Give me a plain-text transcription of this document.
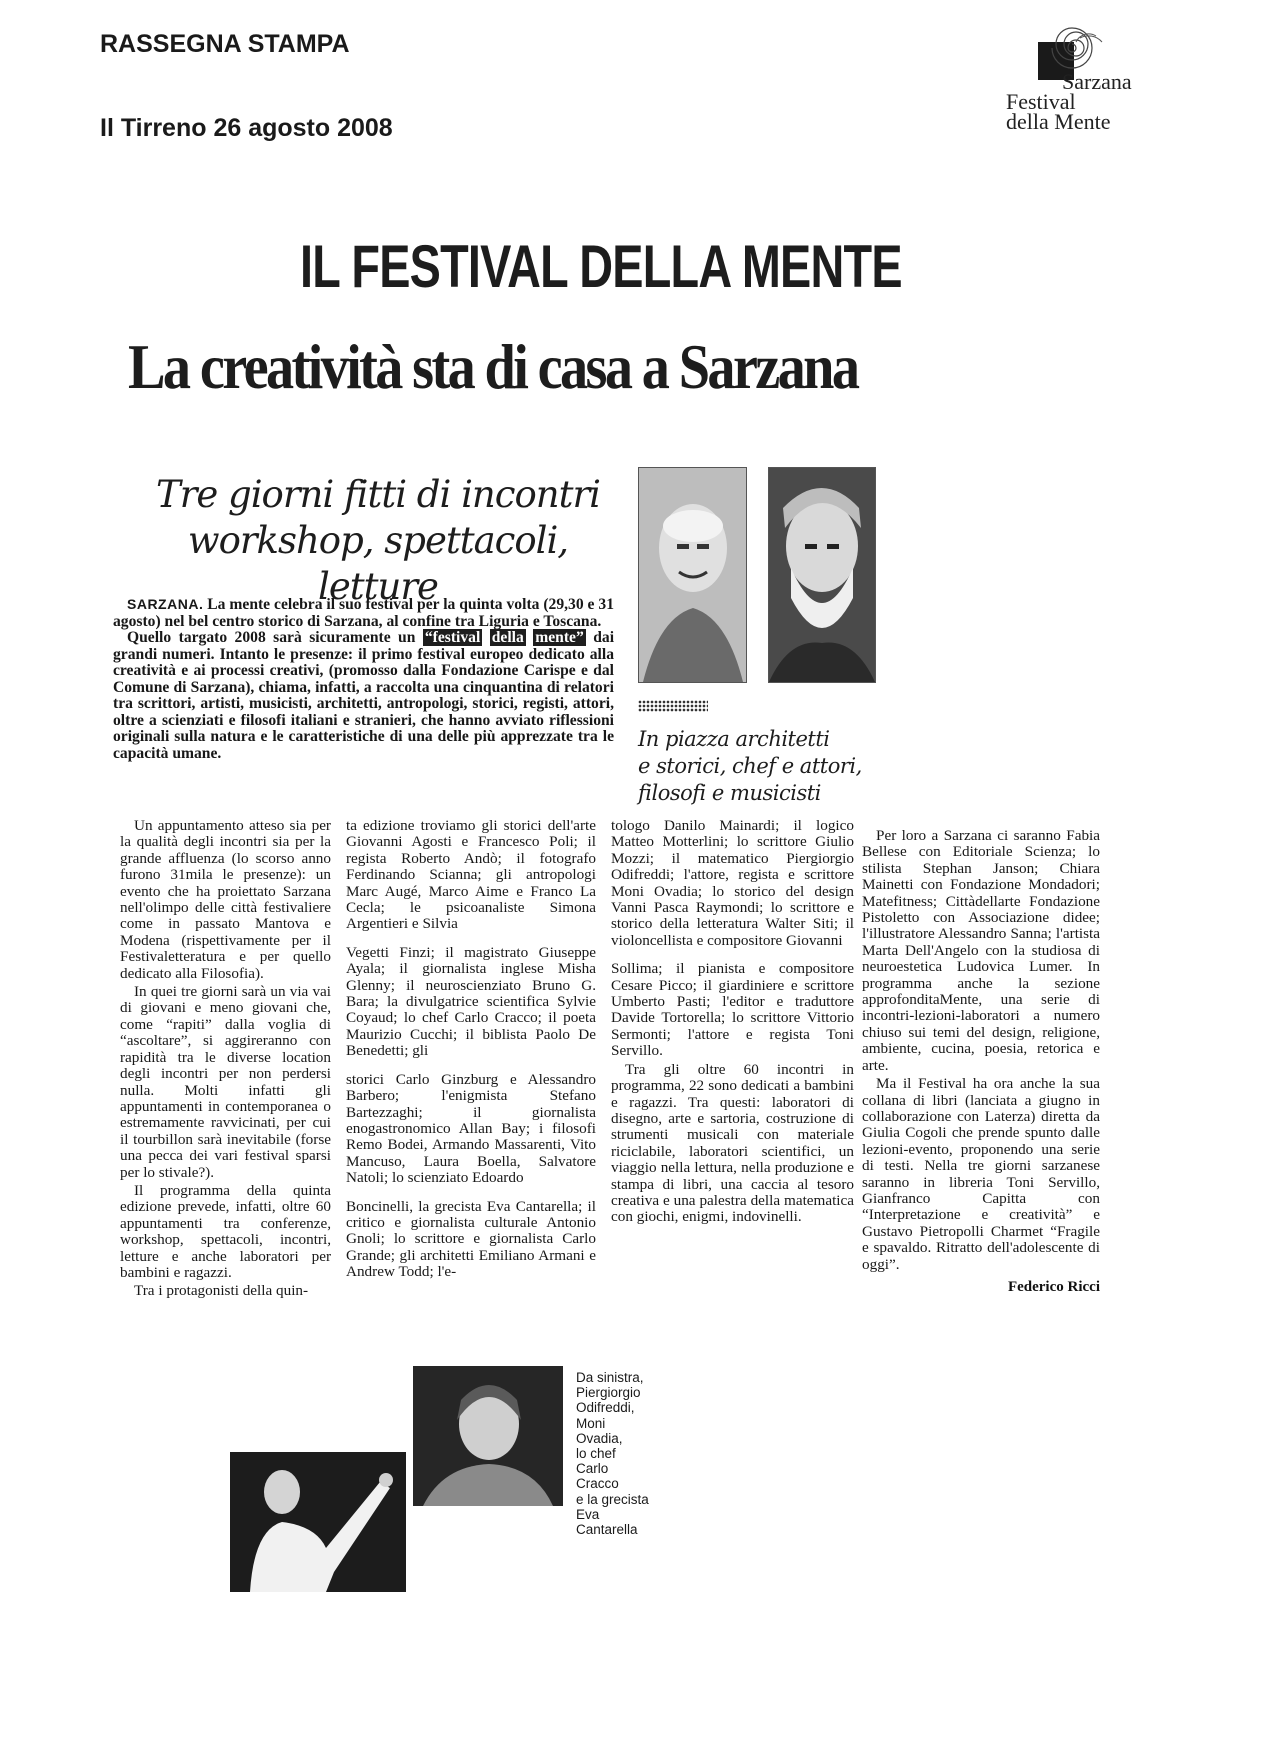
RASSEGNA STAMPA
Il Tirreno 26 agosto 2008
Sarzana
Festival
della Mente
IL FESTIVAL DELLA MENTE
La creatività sta di casa a Sarzana
Tre giorni fitti di incontri
workshop, spettacoli, letture
In piazza architetti
e storici, chef e attori,
filosofi e musicisti

SARZANA. La mente celebra il suo festival per la quinta volta (29,30 e 31 agosto) nel bel centro storico di Sarzana, al confine tra Liguria e Toscana.

Quello targato 2008 sarà sicuramente un “festival della mente” dai grandi numeri. Intanto le presenze: il primo festival europeo dedicato alla creatività e ai processi creativi, (promosso dalla Fondazione Carispe e dal Comune di Sarzana), chiama, infatti, a raccolta una cinquantina di relatori tra scrittori, artisti, musicisti, architetti, antropologi, storici, registi, attori, oltre a scienziati e filosofi italiani e stranieri, che hanno avviato riflessioni originali sulla natura e le caratteristiche di una delle più apprezzate tra le capacità umane.

Un appuntamento atteso sia per la qualità degli incontri sia per la grande affluenza (lo scorso anno furono 31mila le presenze): un evento che ha proiettato Sarzana nell'olimpo delle città festivaliere come in passato Mantova e Modena (rispettivamente per il Festivaletteratura e per quello dedicato alla Filosofia).

In quei tre giorni sarà un via vai di giovani e meno giovani che, come “rapiti” dalla voglia di “ascoltare”, si aggireranno con rapidità tra le diverse location degli incontri per non perdersi nulla. Molti infatti gli appuntamenti in contemporanea o estremamente ravvicinati, per cui il tourbillon sarà inevitabile (forse una pecca dei vari festival sparsi per lo stivale?).

Il programma della quinta edizione prevede, infatti, oltre 60 appuntamenti tra conferenze, workshop, spettacoli, incontri, letture e anche laboratori per bambini e ragazzi.

Tra i protagonisti della quin-

ta edizione troviamo gli storici dell'arte Giovanni Agosti e Francesco Poli; il regista Roberto Andò; il fotografo Ferdinando Scianna; gli antropologi Marc Augé, Marco Aime e Franco La Cecla; le psicoanaliste Simona Argentieri e Silvia

Vegetti Finzi; il magistrato Giuseppe Ayala; il giornalista inglese Misha Glenny; il neuroscienziato Bruno G. Bara; la divulgatrice scientifica Sylvie Coyaud; lo chef Carlo Cracco; il poeta Maurizio Cucchi; il biblista Paolo De Benedetti; gli

storici Carlo Ginzburg e Alessandro Barbero; l'enigmista Stefano Bartezzaghi; il giornalista enogastronomico Allan Bay; i filosofi Remo Bodei, Armando Massarenti, Vito Mancuso, Laura Boella, Salvatore Natoli; lo scienziato Edoardo

Boncinelli, la grecista Eva Cantarella; il critico e giornalista culturale Antonio Gnoli; lo scrittore e giornalista Carlo Grande; gli architetti Emiliano Armani e Andrew Todd; l'e-

tologo Danilo Mainardi; il logico Matteo Motterlini; lo scrittore Giulio Mozzi; il matematico Piergiorgio Odifreddi; l'attore, regista e scrittore Moni Ovadia; lo storico del design Vanni Pasca Raymondi; lo scrittore e storico della letteratura Walter Siti; il violoncellista e compositore Giovanni

Sollima; il pianista e compositore Cesare Picco; il giardiniere e scrittore Umberto Pasti; l'editor e traduttore Davide Tortorella; lo scrittore Vittorio Sermonti; l'attore e regista Toni Servillo.

Tra gli oltre 60 incontri in programma, 22 sono dedicati a bambini e ragazzi. Tra questi: laboratori di disegno, arte e sartoria, costruzione di strumenti musicali con materiale riciclabile, laboratori scientifici, un viaggio nella lettura, nella produzione e stampa di libri, una caccia al tesoro creativa e una palestra della matematica con giochi, enigmi, indovinelli.

Per loro a Sarzana ci saranno Fabia Bellese con Editoriale Scienza; lo stilista Stephan Janson; Chiara Mainetti con Fondazione Mondadori; Matefitness; Cittàdellarte Fondazione Pistoletto con Associazione didee; l'illustratore Alessandro Sanna; l'artista Marta Dell'Angelo con la studiosa di neuroestetica Ludovica Lumer. In programma anche la sezione approfonditaMente, una serie di incontri-lezioni-laboratori a numero chiuso sui temi del design, religione, ambiente, cucina, poesia, retorica e arte.

Ma il Festival ha ora anche la sua collana di libri (lanciata a giugno in collaborazione con Laterza) diretta da Giulia Cogoli che prende spunto dalle lezioni-evento, proponendo una serie di testi. Nella tre giorni sarzanese saranno in libreria Toni Servillo, Gianfranco Capitta con “Interpretazione e creatività” e Gustavo Pietropolli Charmet “Fragile e spavaldo. Ritratto dell'adolescente di oggi”.

Federico Ricci
Da sinistra,
Piergiorgio
Odifreddi,
Moni
Ovadia,
lo chef
Carlo
Cracco
e la grecista
Eva
Cantarella
